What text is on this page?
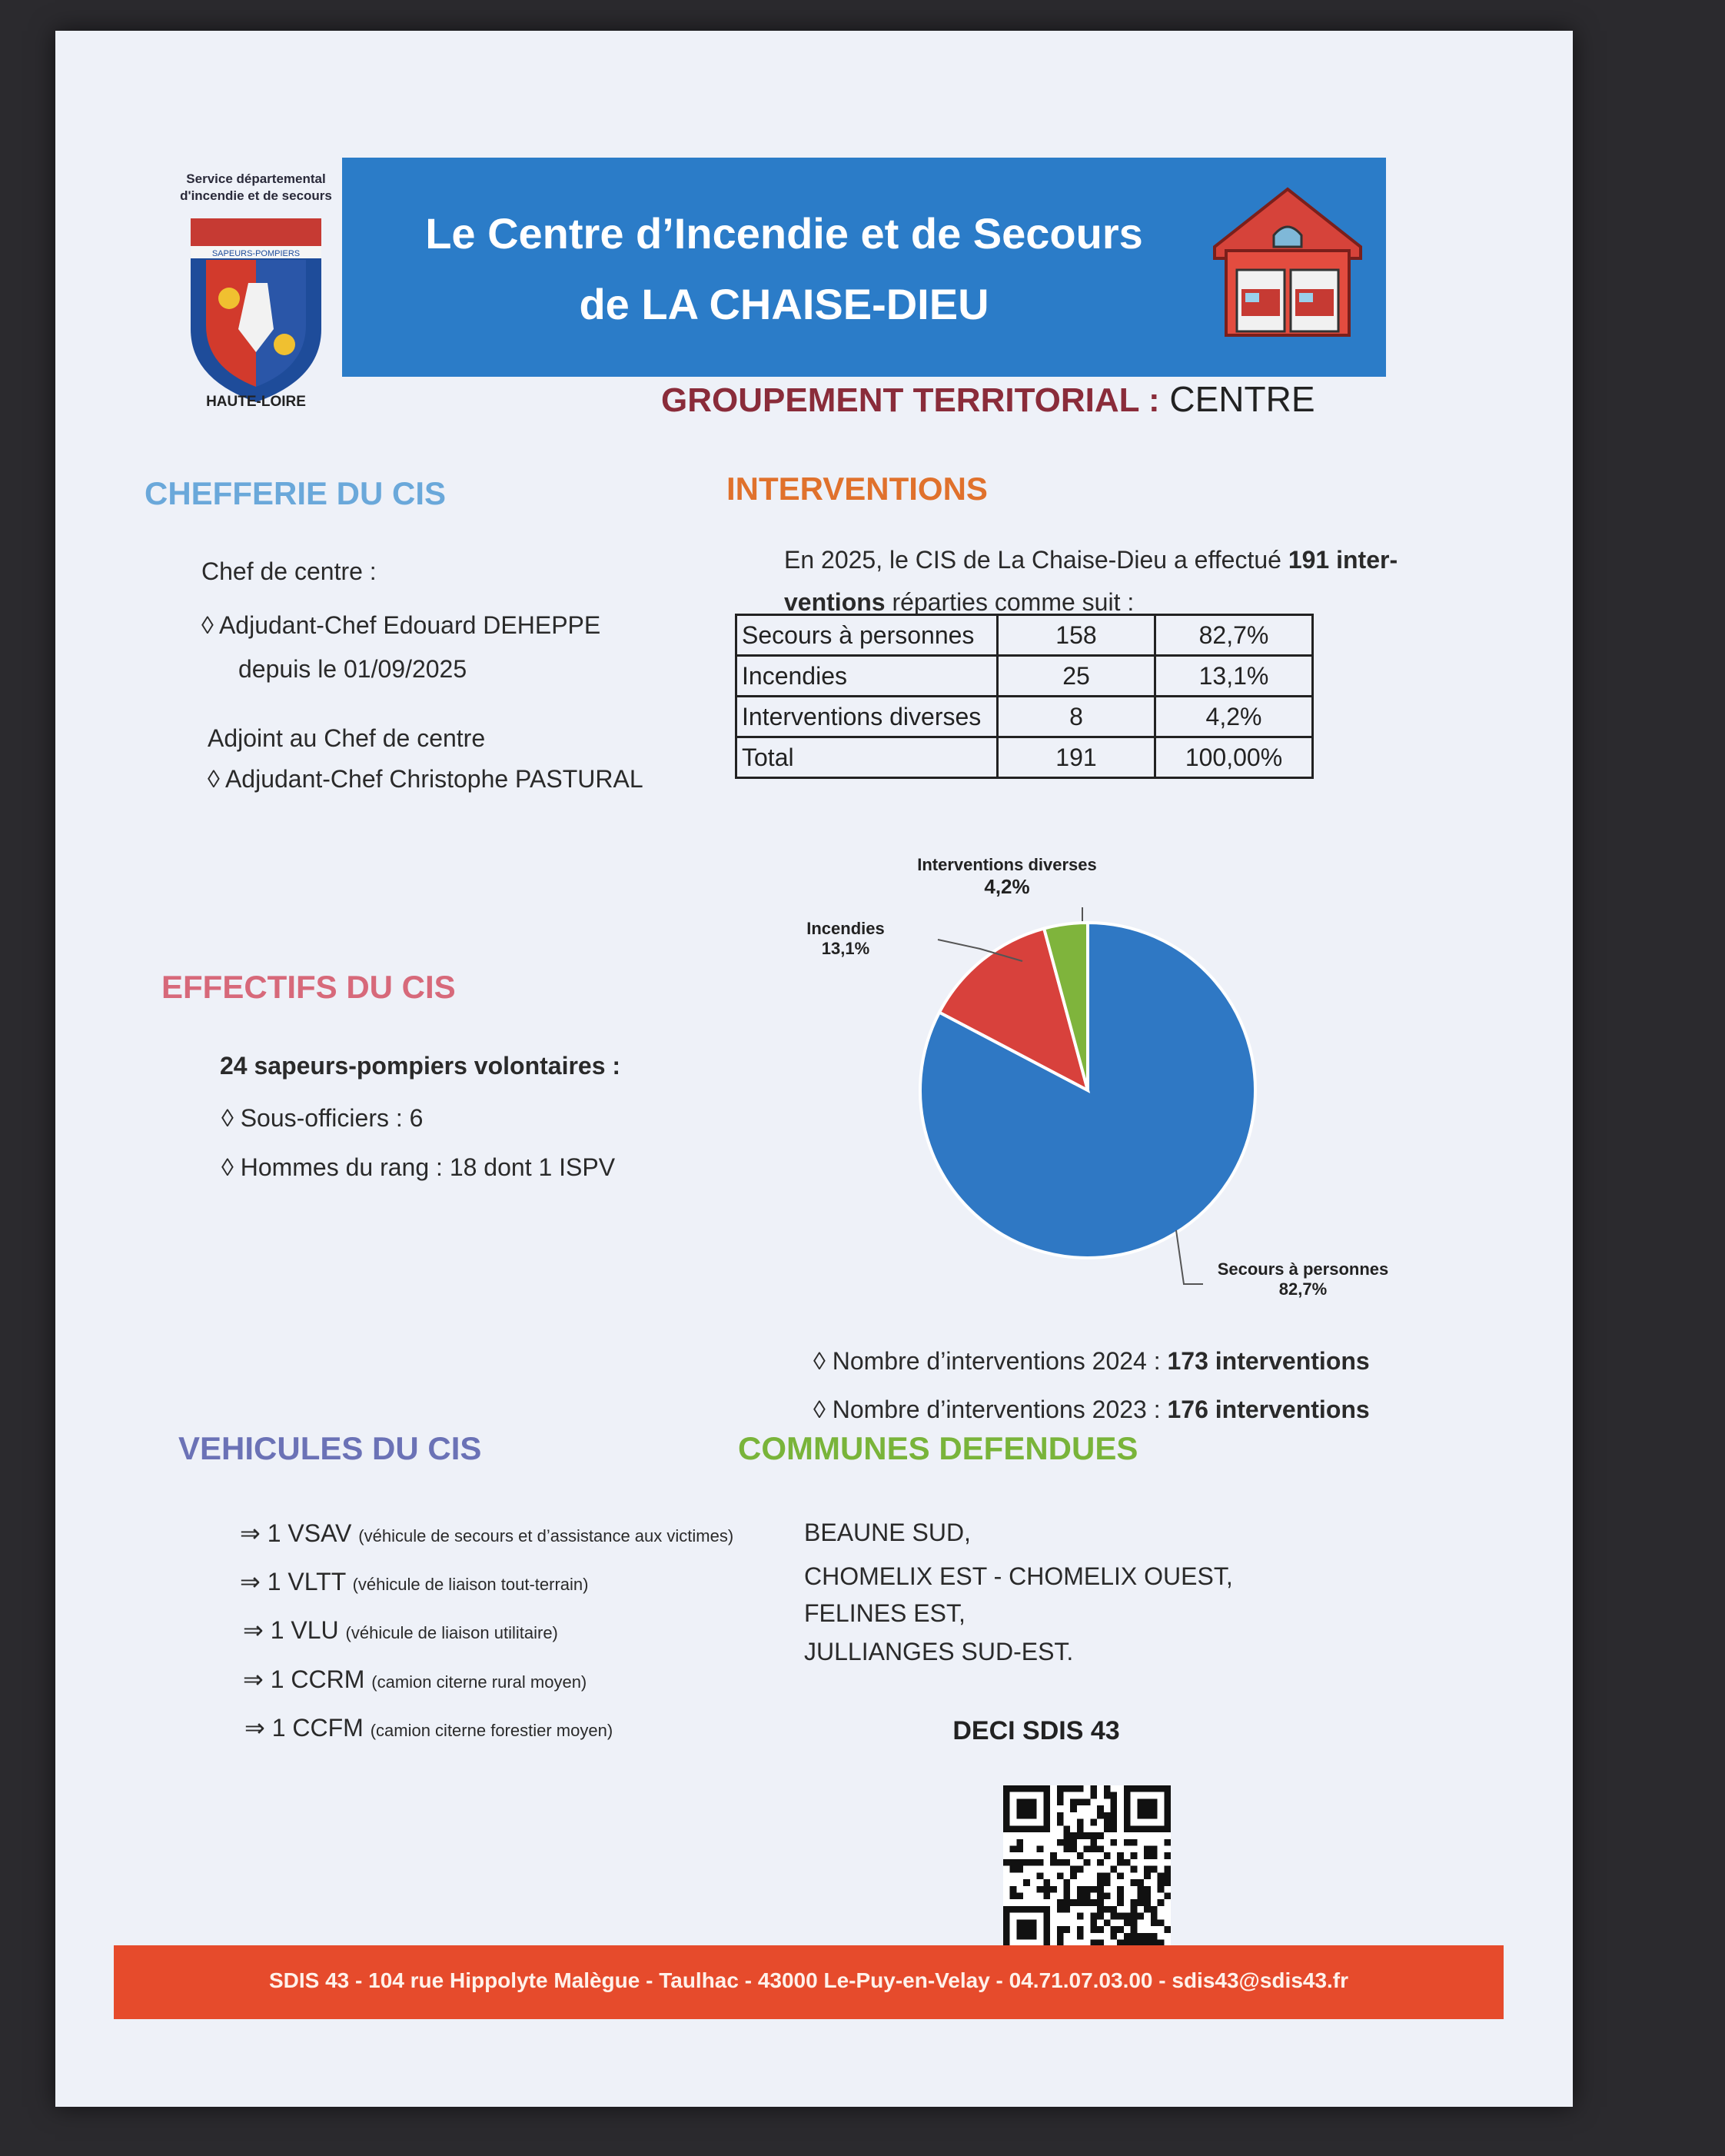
Service départemental
d'incendie et de secours
SAPEURS-POMPIERS
HAUTE-LOIRE
Le Centre d’Incendie et de Secours
de LA CHAISE-DIEU
GROUPEMENT TERRITORIAL : CENTRE
CHEFFERIE DU CIS
Chef de centre :
◊ Adjudant-Chef Edouard DEHEPPE
depuis le 01/09/2025
Adjoint au Chef de centre
◊ Adjudant-Chef Christophe PASTURAL
INTERVENTIONS
En 2025, le CIS de La Chaise-Dieu a effectué 191 inter-
ventions réparties comme suit :
Secours à personnes	158	82,7%
Incendies	25	13,1%
Interventions diverses	8	4,2%
Total	191	100,00%
Interventions diverses
4,2%
Incendies
13,1%
Secours à personnes
82,7%
◊ Nombre d’interventions 2024 : 173 interventions
◊ Nombre d’interventions 2023 : 176 interventions
EFFECTIFS DU CIS
24 sapeurs-pompiers volontaires :
◊ Sous-officiers : 6
◊ Hommes du rang : 18 dont 1 ISPV
VEHICULES DU CIS
⇒ 1 VSAV (véhicule de secours et d’assistance aux victimes)
⇒ 1 VLTT (véhicule de liaison tout-terrain)
⇒ 1 VLU (véhicule de liaison utilitaire)
⇒ 1 CCRM (camion citerne rural moyen)
⇒ 1 CCFM (camion citerne forestier moyen)
COMMUNES DEFENDUES
BEAUNE SUD,
CHOMELIX EST - CHOMELIX OUEST,
FELINES EST,
JULLIANGES SUD-EST.
DECI SDIS 43
SDIS 43 - 104 rue Hippolyte Malègue - Taulhac - 43000 Le-Puy-en-Velay - 04.71.07.03.00 - sdis43@sdis43.fr
